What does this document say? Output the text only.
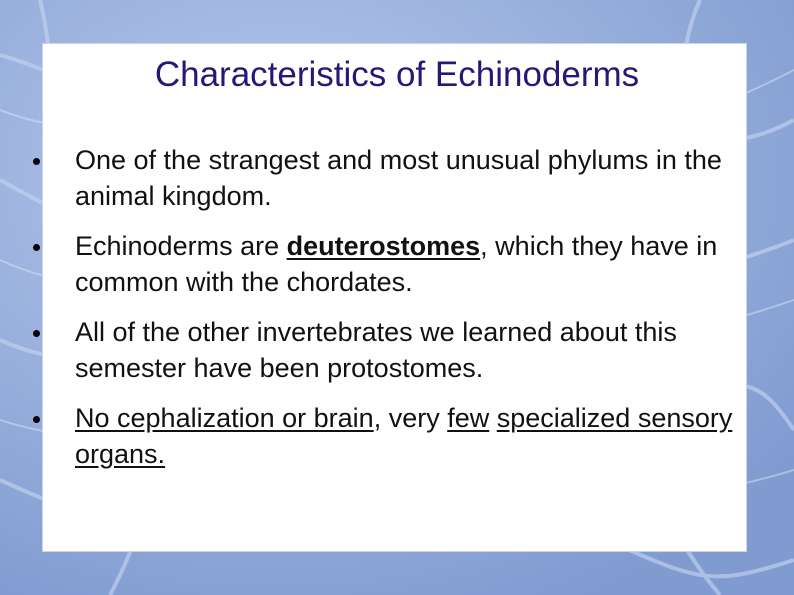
Characteristics of Echinoderms
One of the strangest and most unusual phylums in the animal kingdom.
Echinoderms are deuterostomes, which they have in common with the chordates.
All of the other invertebrates we learned about this semester have been protostomes.
No cephalization or brain, very few specialized sensory organs.
